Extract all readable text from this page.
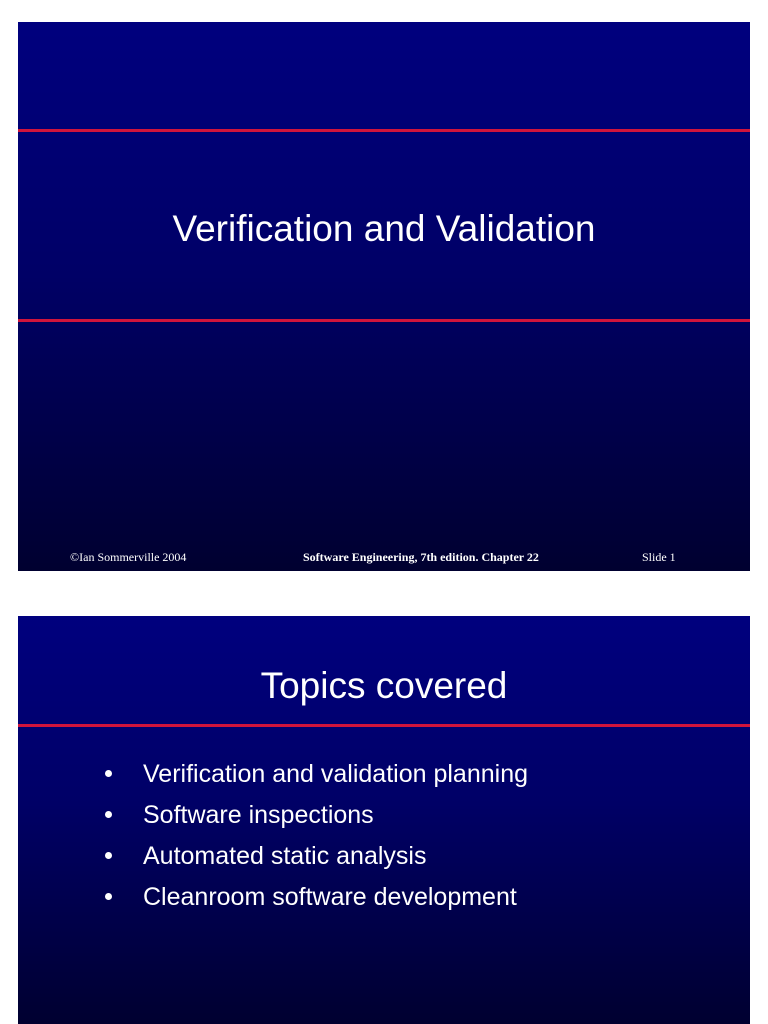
Verification and Validation
©Ian Sommerville 2004	Software Engineering, 7th edition. Chapter 22	Slide 1
Topics covered
Verification and validation planning
Software inspections
Automated static analysis
Cleanroom software development
